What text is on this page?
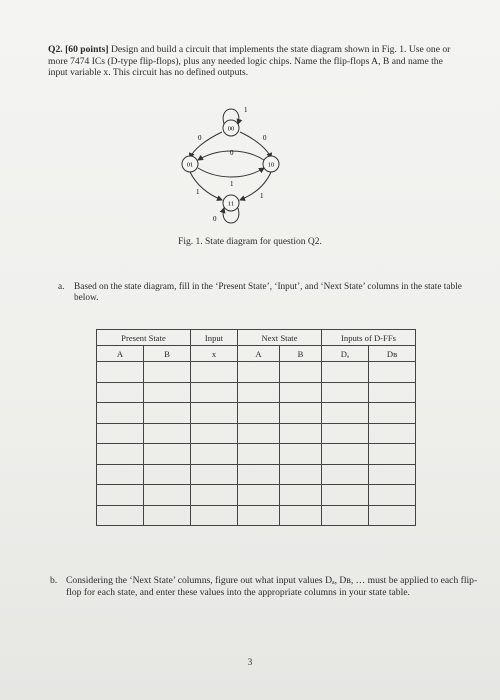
Q2. [60 points] Design and build a circuit that implements the state diagram shown in Fig. 1. Use one or more 7474 ICs (D-type flip-flops), plus any needed logic chips. Name the flip-flops A, B and name the input variable x. This circuit has no defined outputs.
1
0	0
0
1
1	1
0
00
01	10
11
Fig. 1. State diagram for question Q2.
a. Based on the state diagram, fill in the ‘Present State’, ‘Input’, and ‘Next State’ columns in the state table below.
Present State		Input	Next State		Inputs of D-FFs	
A	B	x	A	B	Dₐ	Dʙ

b. Considering the ‘Next State’ columns, figure out what input values Dₐ, Dʙ, … must be applied to each flip-flop for each state, and enter these values into the appropriate columns in your state table.
3
